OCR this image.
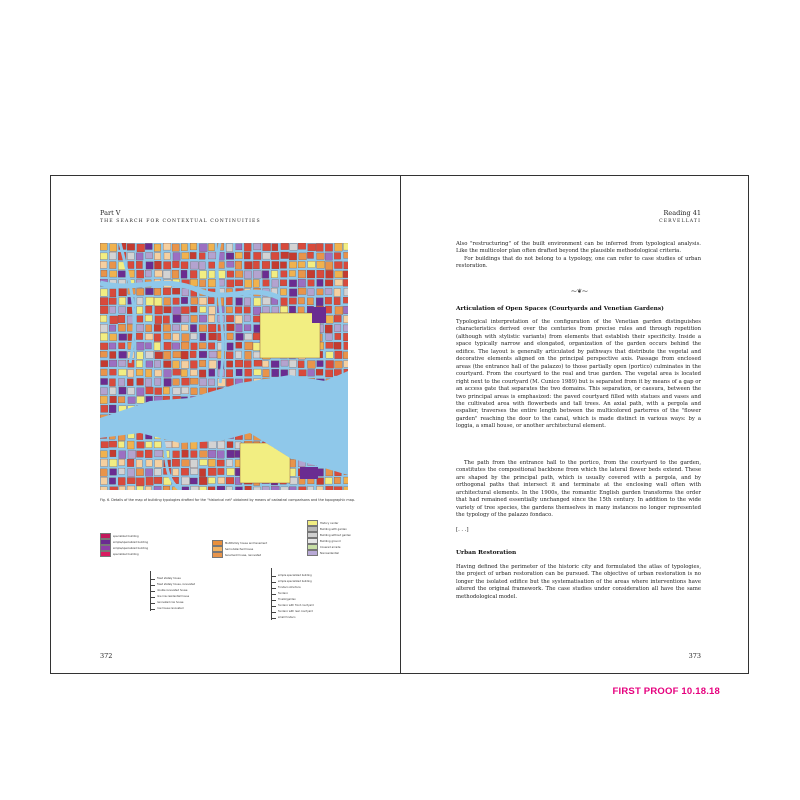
Part V
THE SEARCH FOR CONTEXTUAL CONTINUITIES
Fig. 6. Details of the map of building typologies drafted for the "historical net" obtained by means of cadastral comparisons and the topographic map.
specialized building
simple/specialized building
simple/specialized building
specialized building
fixed stately house
fixed stately house, renovated
double renovated house
line row residential house
renovated row house
row house renovated
Multifamily house and tenement
Semi-detached house
tenement house, renovated
simple specialized building
simple specialized building
Fondaco structure
fondaco
Tinello/garden
fondaco with front courtyard
fondaco with rear courtyard
small fondaco
History center
Building with garden
Building without garden
Building ground
Covered arcade
Nonresidential
372
Reading 41
CERVELLATI

Also "restructuring" of the built environment can be inferred from typological analysis. Like the multicolor plan often drafted beyond the plausible methodological criteria.

For buildings that do not belong to a typology, one can refer to case studies of urban restoration.

⁓❦⁓
Articulation of Open Spaces (Courtyards and Venetian Gardens)

Typological interpretation of the configuration of the Venetian garden distinguishes characteristics derived over the centuries from precise rules and through repetition (although with stylistic variants) from elements that establish their specificity. Inside a space typically narrow and elongated, organization of the garden occurs behind the edifice. The layout is generally articulated by pathways that distribute the vegetal and decorative elements aligned on the principal perspective axis. Passage from enclosed areas (the entrance hall of the palazzo) to those partially open (portico) culminates in the courtyard. From the courtyard to the real and true garden. The vegetal area is located right next to the courtyard (M. Cunico 1989) but is separated from it by means of a gap or an access gate that separates the two domains. This separation, or caesura, between the two principal areas is emphasized: the paved courtyard filled with statues and vases and the cultivated area with flowerbeds and tall trees. An axial path, with a pergola and espalier, traverses the entire length between the multicolored parterres of the "flower garden" reaching the door to the canal, which is made distinct in various ways: by a loggia, a small house, or another architectural element.

The path from the entrance hall to the portico, from the courtyard to the garden, constitutes the compositional backbone from which the lateral flower beds extend. These are shaped by the principal path, which is usually covered with a pergola, and by orthogonal paths that intersect it and terminate at the enclosing wall often with architectural elements. In the 1900s, the romantic English garden transforms the order that had remained essentially unchanged since the 15th century. In addition to the wide variety of tree species, the gardens themselves in many instances no longer represented the typology of the palazzo fondaco.

[. . .]
Urban Restoration

Having defined the perimeter of the historic city and formulated the atlas of typologies, the project of urban restoration can be pursued. The objective of urban restoration is no longer the isolated edifice but the systematisation of the areas where interventions have altered the original framework. The case studies under consideration all have the same methodological model.

373
FIRST PROOF 10.18.18
